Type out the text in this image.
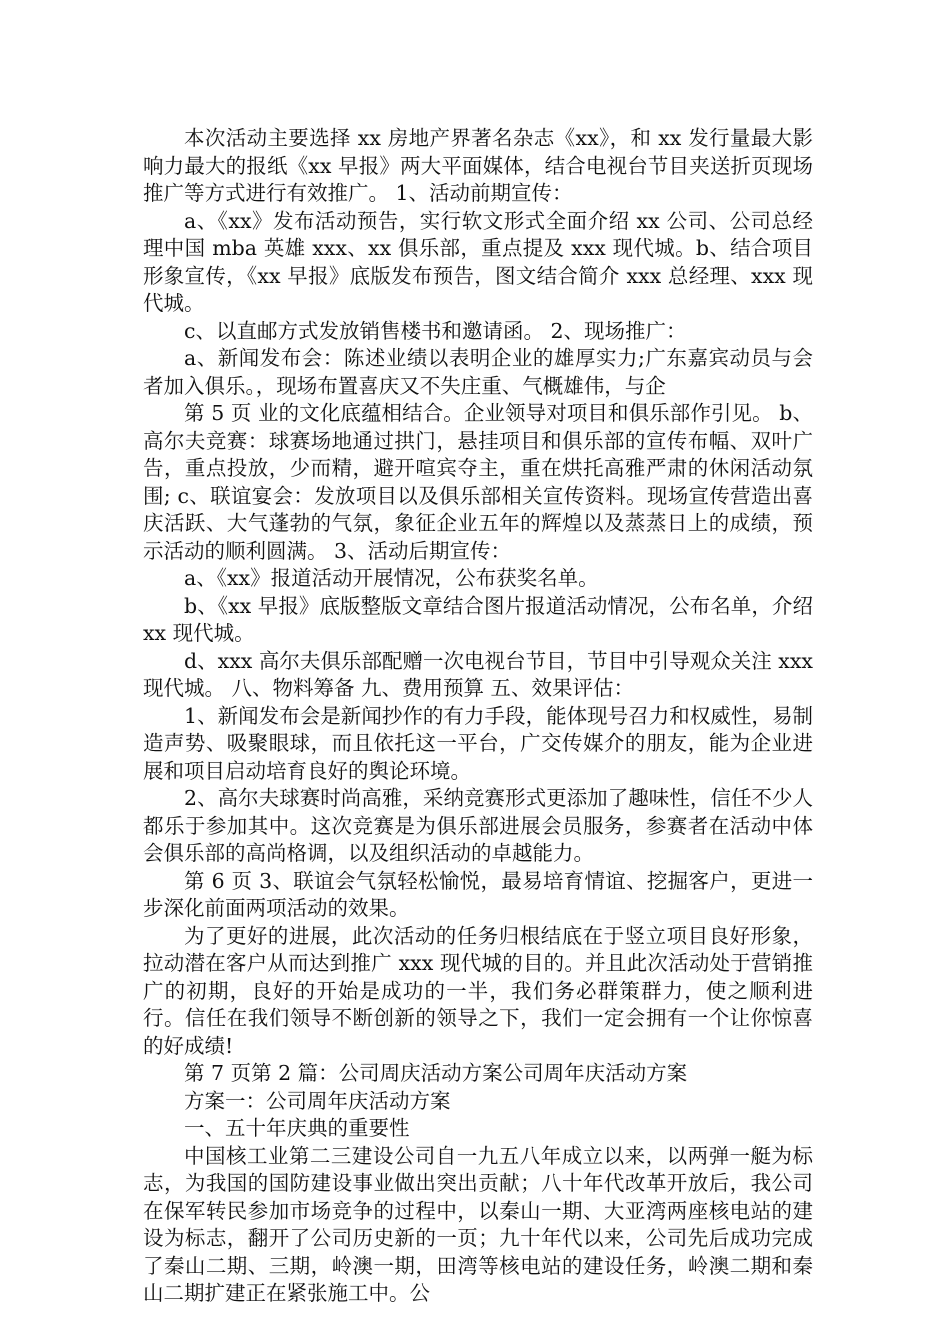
本次活动主要选择 xx 房地产界著名杂志《xx》，和 xx 发行量最大影响力最大的报纸《xx 早报》两大平面媒体，结合电视台节目夹送折页现场推广等方式进行有效推广。 1、活动前期宣传：

a、《xx》发布活动预告，实行软文形式全面介绍 xx 公司、公司总经理中国 mba 英雄 xxx、xx 俱乐部，重点提及 xxx 现代城。b、结合项目形象宣传，《xx 早报》底版发布预告，图文结合简介 xxx 总经理、xxx 现代城。

c、以直邮方式发放销售楼书和邀请函。 2、现场推广：

a、新闻发布会：陈述业绩以表明企业的雄厚实力;广东嘉宾动员与会者加入俱乐。，现场布置喜庆又不失庄重、气概雄伟，与企

第 5 页 业的文化底蕴相结合。企业领导对项目和俱乐部作引见。 b、高尔夫竞赛：球赛场地通过拱门，悬挂项目和俱乐部的宣传布幅、双叶广告，重点投放，少而精，避开喧宾夺主，重在烘托高雅严肃的休闲活动氛围; c、联谊宴会：发放项目以及俱乐部相关宣传资料。现场宣传营造出喜庆活跃、大气蓬勃的气氛，象征企业五年的辉煌以及蒸蒸日上的成绩，预示活动的顺利圆满。 3、活动后期宣传：

a、《xx》报道活动开展情况，公布获奖名单。

b、《xx 早报》底版整版文章结合图片报道活动情况，公布名单，介绍 xx 现代城。

d、xxx 高尔夫俱乐部配赠一次电视台节目，节目中引导观众关注 xxx 现代城。 八、物料筹备 九、费用预算 五、效果评估：

1、新闻发布会是新闻抄作的有力手段，能体现号召力和权威性，易制造声势、吸聚眼球，而且依托这一平台，广交传媒介的朋友，能为企业进展和项目启动培育良好的舆论环境。

2、高尔夫球赛时尚高雅，采纳竞赛形式更添加了趣味性，信任不少人都乐于参加其中。这次竞赛是为俱乐部进展会员服务，参赛者在活动中体会俱乐部的高尚格调，以及组织活动的卓越能力。

第 6 页 3、联谊会气氛轻松愉悦，最易培育情谊、挖掘客户，更进一步深化前面两项活动的效果。

为了更好的进展，此次活动的任务归根结底在于竖立项目良好形象，拉动潜在客户从而达到推广 xxx 现代城的目的。并且此次活动处于营销推广的初期，良好的开始是成功的一半，我们务必群策群力，使之顺利进行。信任在我们领导不断创新的领导之下，我们一定会拥有一个让你惊喜的好成绩!

第 7 页第 2 篇：公司周庆活动方案公司周年庆活动方案

方案一：公司周年庆活动方案

一、五十年庆典的重要性

中国核工业第二三建设公司自一九五八年成立以来，以两弹一艇为标志，为我国的国防建设事业做出突出贡献；八十年代改革开放后，我公司在保军转民参加市场竞争的过程中，以秦山一期、大亚湾两座核电站的建设为标志，翻开了公司历史新的一页；九十年代以来，公司先后成功完成了秦山二期、三期，岭澳一期，田湾等核电站的建设任务，岭澳二期和秦山二期扩建正在紧张施工中。公
